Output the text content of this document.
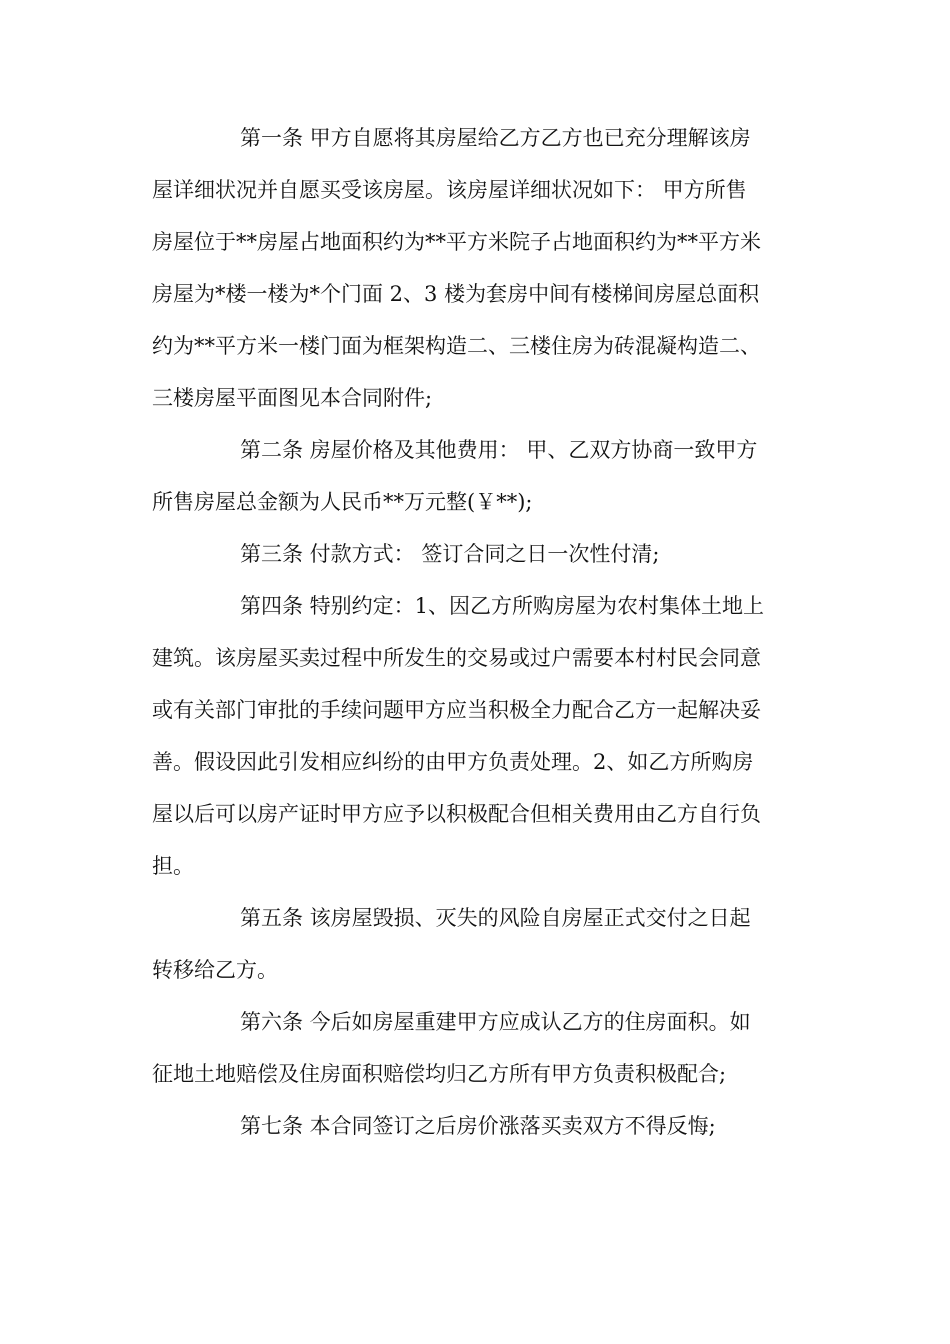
第一条 甲方自愿将其房屋给乙方乙方也已充分理解该房
屋详细状况并自愿买受该房屋。该房屋详细状况如下： 甲方所售
房屋位于**房屋占地面积约为**平方米院子占地面积约为**平方米
房屋为*楼一楼为*个门面 2、3 楼为套房中间有楼梯间房屋总面积
约为**平方米一楼门面为框架构造二、三楼住房为砖混凝构造二、
三楼房屋平面图见本合同附件;
第二条 房屋价格及其他费用： 甲、乙双方协商一致甲方
所售房屋总金额为人民币**万元整(￥**);
第三条 付款方式： 签订合同之日一次性付清;
第四条 特别约定：1、因乙方所购房屋为农村集体土地上
建筑。该房屋买卖过程中所发生的交易或过户需要本村村民会同意
或有关部门审批的手续问题甲方应当积极全力配合乙方一起解决妥
善。假设因此引发相应纠纷的由甲方负责处理。2、如乙方所购房
屋以后可以房产证时甲方应予以积极配合但相关费用由乙方自行负
担。
第五条 该房屋毁损、灭失的风险自房屋正式交付之日起
转移给乙方。
第六条 今后如房屋重建甲方应成认乙方的住房面积。如
征地土地赔偿及住房面积赔偿均归乙方所有甲方负责积极配合;
第七条 本合同签订之后房价涨落买卖双方不得反悔;
